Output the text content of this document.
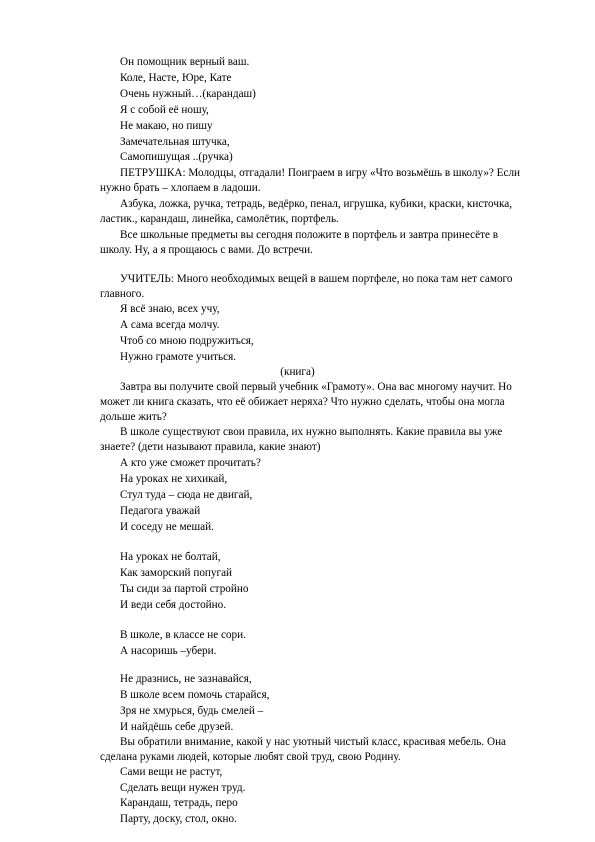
Он помощник верный ваш.
Коле, Насте, Юре, Кате
Очень нужный…(карандаш)
Я с собой её ношу,
Не макаю, но пишу
Замечательная штучка,
Самопишущая ..(ручка)
ПЕТРУШКА: Молодцы, отгадали! Поиграем в игру «Что возьмёшь в школу»? Если
нужно брать – хлопаем в ладоши.
Азбука, ложка, ручка, тетрадь, ведёрко, пенал, игрушка, кубики, краски, кисточка,
ластик., карандаш, линейка, самолётик, портфель.
Все школьные предметы вы сегодня положите в портфель и завтра принесёте в
школу. Ну, а я прощаюсь с вами. До встречи.
УЧИТЕЛЬ: Много необходимых вещей в вашем портфеле, но пока там нет самого
главного.
Я всё знаю, всех учу,
А сама всегда молчу.
Чтоб со мною подружиться,
Нужно грамоте учиться.
(книга)
Завтра вы получите свой первый учебник «Грамоту». Она вас многому научит. Но
может ли книга сказать, что её обижает неряха? Что нужно сделать, чтобы она могла
дольше жить?
В школе существуют свои правила, их нужно выполнять. Какие правила вы уже
знаете? (дети называют правила, какие знают)
А кто уже сможет прочитать?
На уроках не хихикай,
Стул туда – сюда не двигай,
Педагога уважай
И соседу не мешай.
На уроках не болтай,
Как заморский попугай
Ты сиди за партой стройно
И веди себя достойно.
В школе, в классе не сори.
А насоришь –убери.
Не дразнись, не зазнавайся,
В школе всем помочь старайся,
Зря не хмурься, будь смелей –
И найдёшь себе друзей.
Вы обратили внимание, какой у нас уютный чистый класс, красивая мебель. Она
сделана руками людей, которые любят свой труд, свою Родину.
Сами вещи не растут,
Сделать вещи нужен труд.
Карандаш, тетрадь, перо
Парту, доску, стол, окно.
